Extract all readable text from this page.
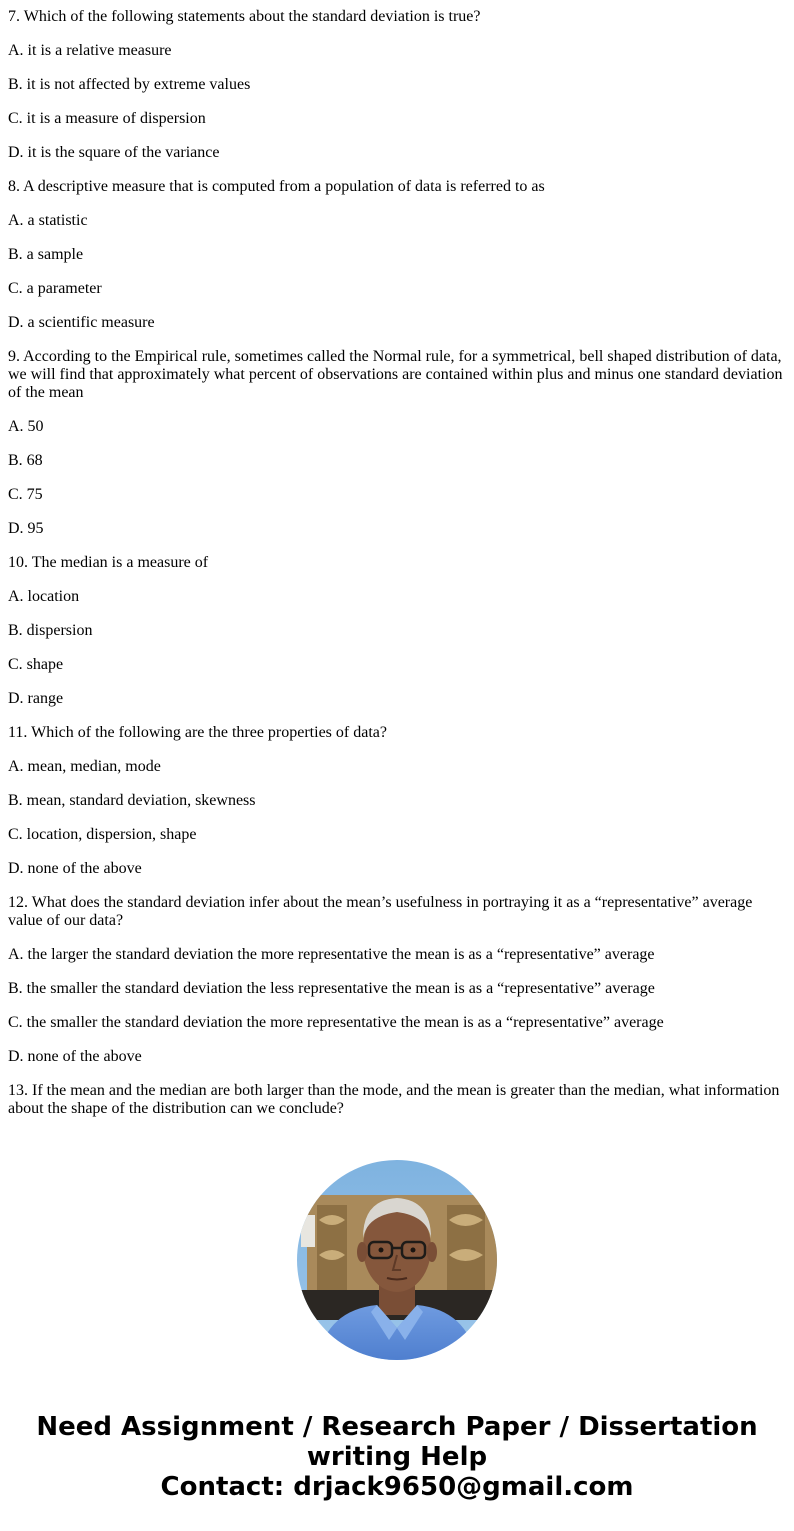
7. Which of the following statements about the standard deviation is true?

A. it is a relative measure

B. it is not affected by extreme values

C. it is a measure of dispersion

D. it is the square of the variance

8. A descriptive measure that is computed from a population of data is referred to as

A. a statistic

B. a sample

C. a parameter

D. a scientific measure

9. According to the Empirical rule, sometimes called the Normal rule, for a symmetrical, bell shaped distribution of data, we will find that approximately what percent of observations are contained within plus and minus one standard deviation of the mean

A. 50

B. 68

C. 75

D. 95

10. The median is a measure of

A. location

B. dispersion

C. shape

D. range

11. Which of the following are the three properties of data?

A. mean, median, mode

B. mean, standard deviation, skewness

C. location, dispersion, shape

D. none of the above

12. What does the standard deviation infer about the mean’s usefulness in portraying it as a “representative” average value of our data?

A. the larger the standard deviation the more representative the mean is as a “representative” average

B. the smaller the standard deviation the less representative the mean is as a “representative” average

C. the smaller the standard deviation the more representative the mean is as a “representative” average

D. none of the above

13. If the mean and the median are both larger than the mode, and the mean is greater than the median, what information about the shape of the distribution can we conclude?

Need Assignment / Research Paper / Dissertation writing Help
Contact: drjack9650@gmail.com
